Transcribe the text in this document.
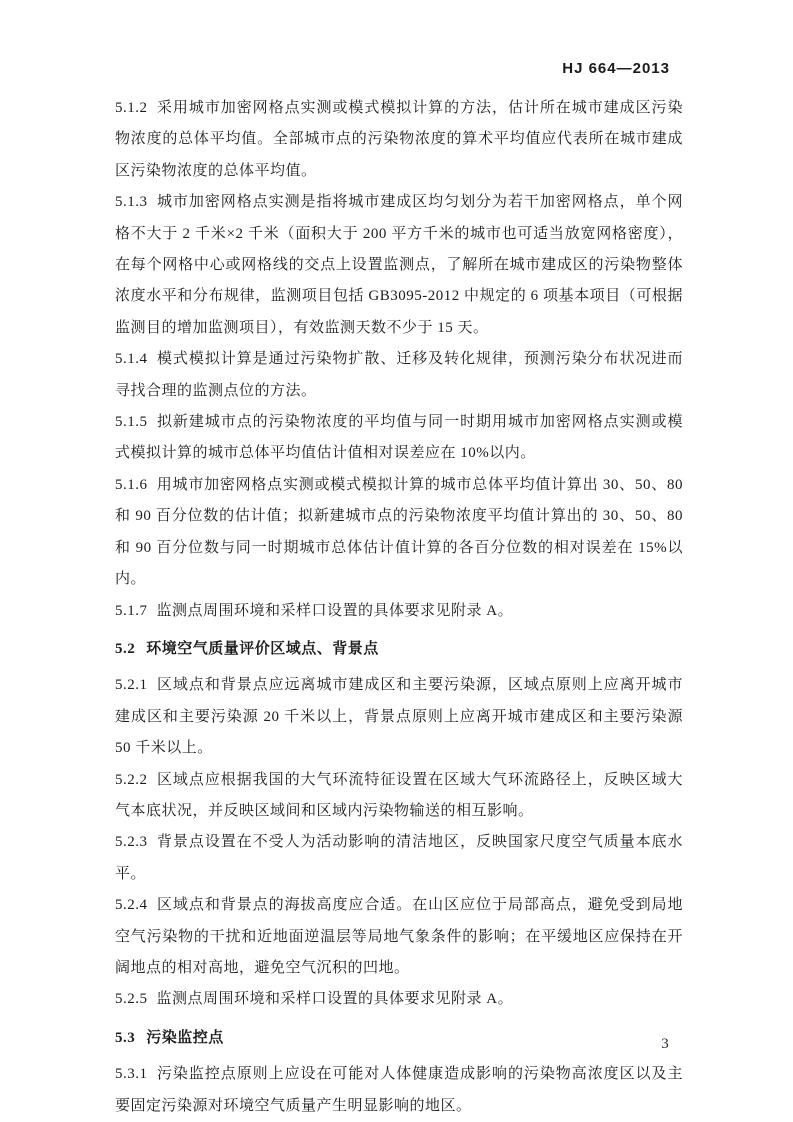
HJ 664—2013

5.1.2 采用城市加密网格点实测或模式模拟计算的方法，估计所在城市建成区污染物浓度的总体平均值。全部城市点的污染物浓度的算术平均值应代表所在城市建成区污染物浓度的总体平均值。

5.1.3 城市加密网格点实测是指将城市建成区均匀划分为若干加密网格点，单个网格不大于 2 千米×2 千米（面积大于 200 平方千米的城市也可适当放宽网格密度），在每个网格中心或网格线的交点上设置监测点，了解所在城市建成区的污染物整体浓度水平和分布规律，监测项目包括 GB3095-2012 中规定的 6 项基本项目（可根据监测目的增加监测项目），有效监测天数不少于 15 天。

5.1.4 模式模拟计算是通过污染物扩散、迁移及转化规律，预测污染分布状况进而寻找合理的监测点位的方法。

5.1.5 拟新建城市点的污染物浓度的平均值与同一时期用城市加密网格点实测或模式模拟计算的城市总体平均值估计值相对误差应在 10%以内。

5.1.6 用城市加密网格点实测或模式模拟计算的城市总体平均值计算出 30、50、80 和 90 百分位数的估计值；拟新建城市点的污染物浓度平均值计算出的 30、50、80 和 90 百分位数与同一时期城市总体估计值计算的各百分位数的相对误差在 15%以内。

5.1.7 监测点周围环境和采样口设置的具体要求见附录 A。

5.2 环境空气质量评价区域点、背景点

5.2.1 区域点和背景点应远离城市建成区和主要污染源，区域点原则上应离开城市建成区和主要污染源 20 千米以上，背景点原则上应离开城市建成区和主要污染源 50 千米以上。

5.2.2 区域点应根据我国的大气环流特征设置在区域大气环流路径上，反映区域大气本底状况，并反映区域间和区域内污染物输送的相互影响。

5.2.3 背景点设置在不受人为活动影响的清洁地区，反映国家尺度空气质量本底水平。

5.2.4 区域点和背景点的海拔高度应合适。在山区应位于局部高点，避免受到局地空气污染物的干扰和近地面逆温层等局地气象条件的影响；在平缓地区应保持在开阔地点的相对高地，避免空气沉积的凹地。

5.2.5 监测点周围环境和采样口设置的具体要求见附录 A。

5.3 污染监控点

5.3.1 污染监控点原则上应设在可能对人体健康造成影响的污染物高浓度区以及主要固定污染源对环境空气质量产生明显影响的地区。

3
